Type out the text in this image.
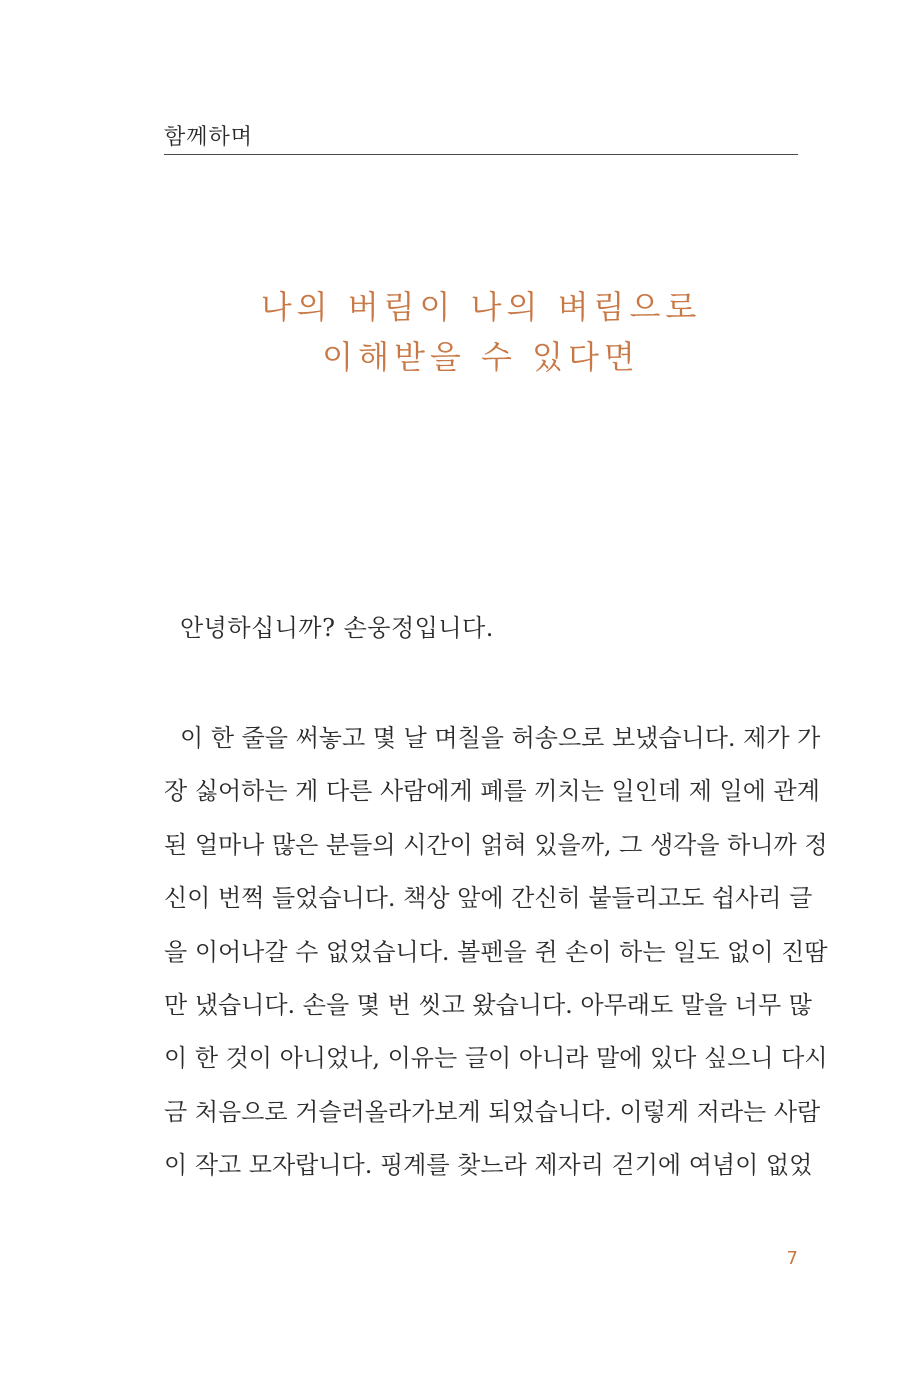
함께하며
나의 버림이 나의 벼림으로
이해받을 수 있다면
안녕하십니까? 손웅정입니다.
이 한 줄을 써놓고 몇 날 며칠을 허송으로 보냈습니다. 제가 가
장 싫어하는 게 다른 사람에게 폐를 끼치는 일인데 제 일에 관계
된 얼마나 많은 분들의 시간이 얽혀 있을까, 그 생각을 하니까 정
신이 번쩍 들었습니다. 책상 앞에 간신히 붙들리고도 쉽사리 글
을 이어나갈 수 없었습니다. 볼펜을 쥔 손이 하는 일도 없이 진땀
만 냈습니다. 손을 몇 번 씻고 왔습니다. 아무래도 말을 너무 많
이 한 것이 아니었나, 이유는 글이 아니라 말에 있다 싶으니 다시
금 처음으로 거슬러올라가보게 되었습니다. 이렇게 저라는 사람
이 작고 모자랍니다. 핑계를 찾느라 제자리 걷기에 여념이 없었
7
